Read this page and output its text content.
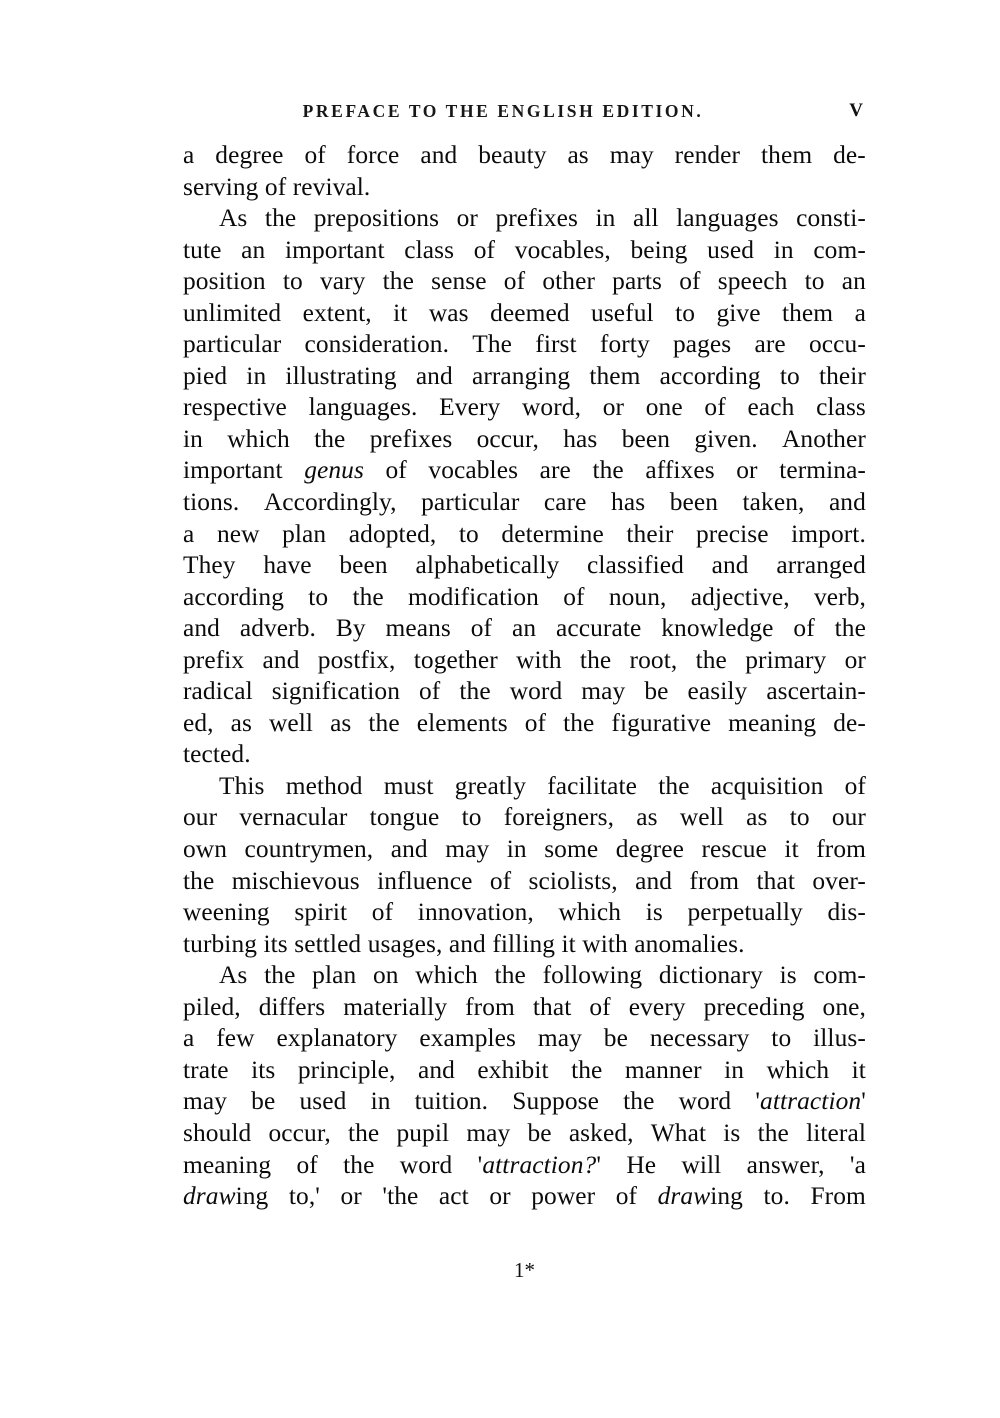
PREFACE TO THE ENGLISH EDITION.	V
a degree of force and beauty as may render them de-
serving of revival.
As the prepositions or prefixes in all languages consti-
tute an important class of vocables, being used in com-
position to vary the sense of other parts of speech to an
unlimited extent, it was deemed useful to give them a
particular consideration. The first forty pages are occu-
pied in illustrating and arranging them according to their
respective languages. Every word, or one of each class
in which the prefixes occur, has been given. Another
important genus of vocables are the affixes or termina-
tions. Accordingly, particular care has been taken, and
a new plan adopted, to determine their precise import.
They have been alphabetically classified and arranged
according to the modification of noun, adjective, verb,
and adverb. By means of an accurate knowledge of the
prefix and postfix, together with the root, the primary or
radical signification of the word may be easily ascertain-
ed, as well as the elements of the figurative meaning de-
tected.
This method must greatly facilitate the acquisition of
our vernacular tongue to foreigners, as well as to our
own countrymen, and may in some degree rescue it from
the mischievous influence of sciolists, and from that over-
weening spirit of innovation, which is perpetually dis-
turbing its settled usages, and filling it with anomalies.
As the plan on which the following dictionary is com-
piled, differs materially from that of every preceding one,
a few explanatory examples may be necessary to illus-
trate its principle, and exhibit the manner in which it
may be used in tuition. Suppose the word 'attraction'
should occur, the pupil may be asked, What is the literal
meaning of the word 'attraction?' He will answer, 'a
drawing to,' or 'the act or power of drawing to. From
1*
